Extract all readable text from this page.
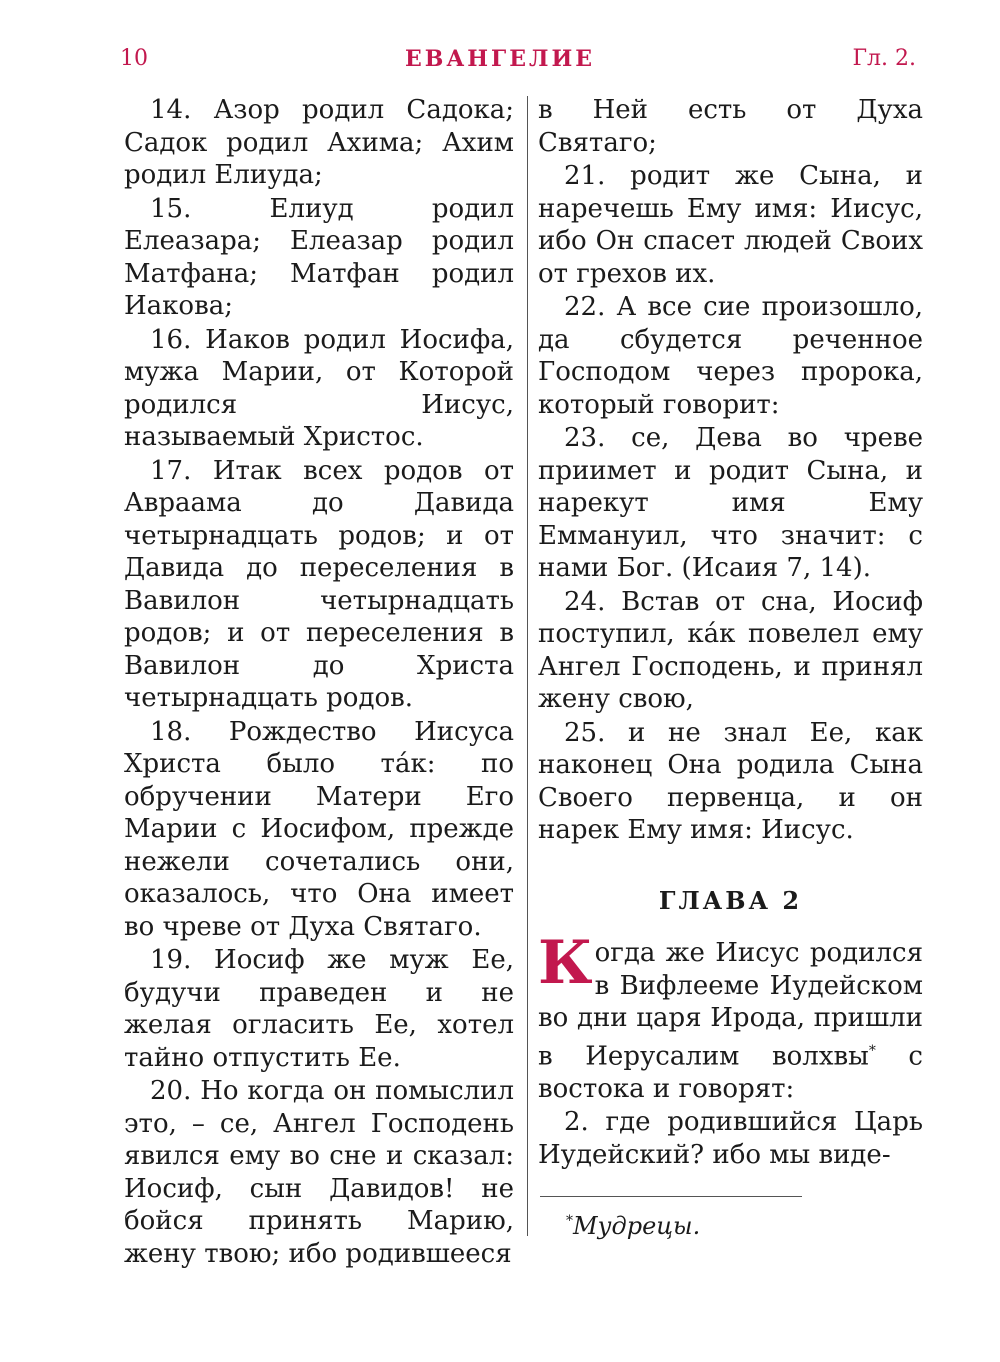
10	ЕВАНГЕЛИЕ	Гл. 2.

14. Азор родил Садока; Садок родил Ахима; Ахим родил Елиуда;

15. Елиуд родил Елеазара; Елеазар родил Матфана; Матфан родил Иакова;

16. Иаков родил Иосифа, мужа Марии, от Которой родился Иисус, называемый Христос.

17. Итак всех родов от Авраама до Давида четырнадцать родов; и от Давида до переселения в Вавилон четырнадцать родов; и от переселения в Вавилон до Христа четырнадцать родов.

18. Рождество Иисуса Христа было та́к: по обручении Матери Его Марии с Иосифом, прежде нежели сочетались они, оказалось, что Она имеет во чреве от Духа Святаго.

19. Иосиф же муж Ее, будучи праведен и не желая огласить Ее, хотел тайно отпустить Ее.

20. Но когда он помыслил это, – се, Ангел Господень явился ему во сне и сказал: Иосиф, сын Давидов! не бойся принять Марию, жену твою; ибо родившееся

в Ней есть от Духа Святаго;

21. родит же Сына, и наречешь Ему имя: Иисус, ибо Он спасет людей Своих от грехов их.

22. А все сие произошло, да сбудется реченное Господом через пророка, который говорит:

23. се, Дева во чреве приимет и родит Сына, и нарекут имя Ему Еммануил, что значит: с нами Бог. (Исаия 7, 14).

24. Встав от сна, Иосиф поступил, ка́к повелел ему Ангел Господень, и принял жену свою,

25. и не знал Ее, как наконец Она родила Сына Своего первенца, и он нарек Ему имя: Иисус.

ГЛАВА 2

Когда же Иисус родился в Вифлееме Иудейском во дни царя Ирода, пришли в Иерусалим волхвы* с востока и говорят:

2. где родившийся Царь Иудейский? ибо мы виде-

*Мудрецы.
